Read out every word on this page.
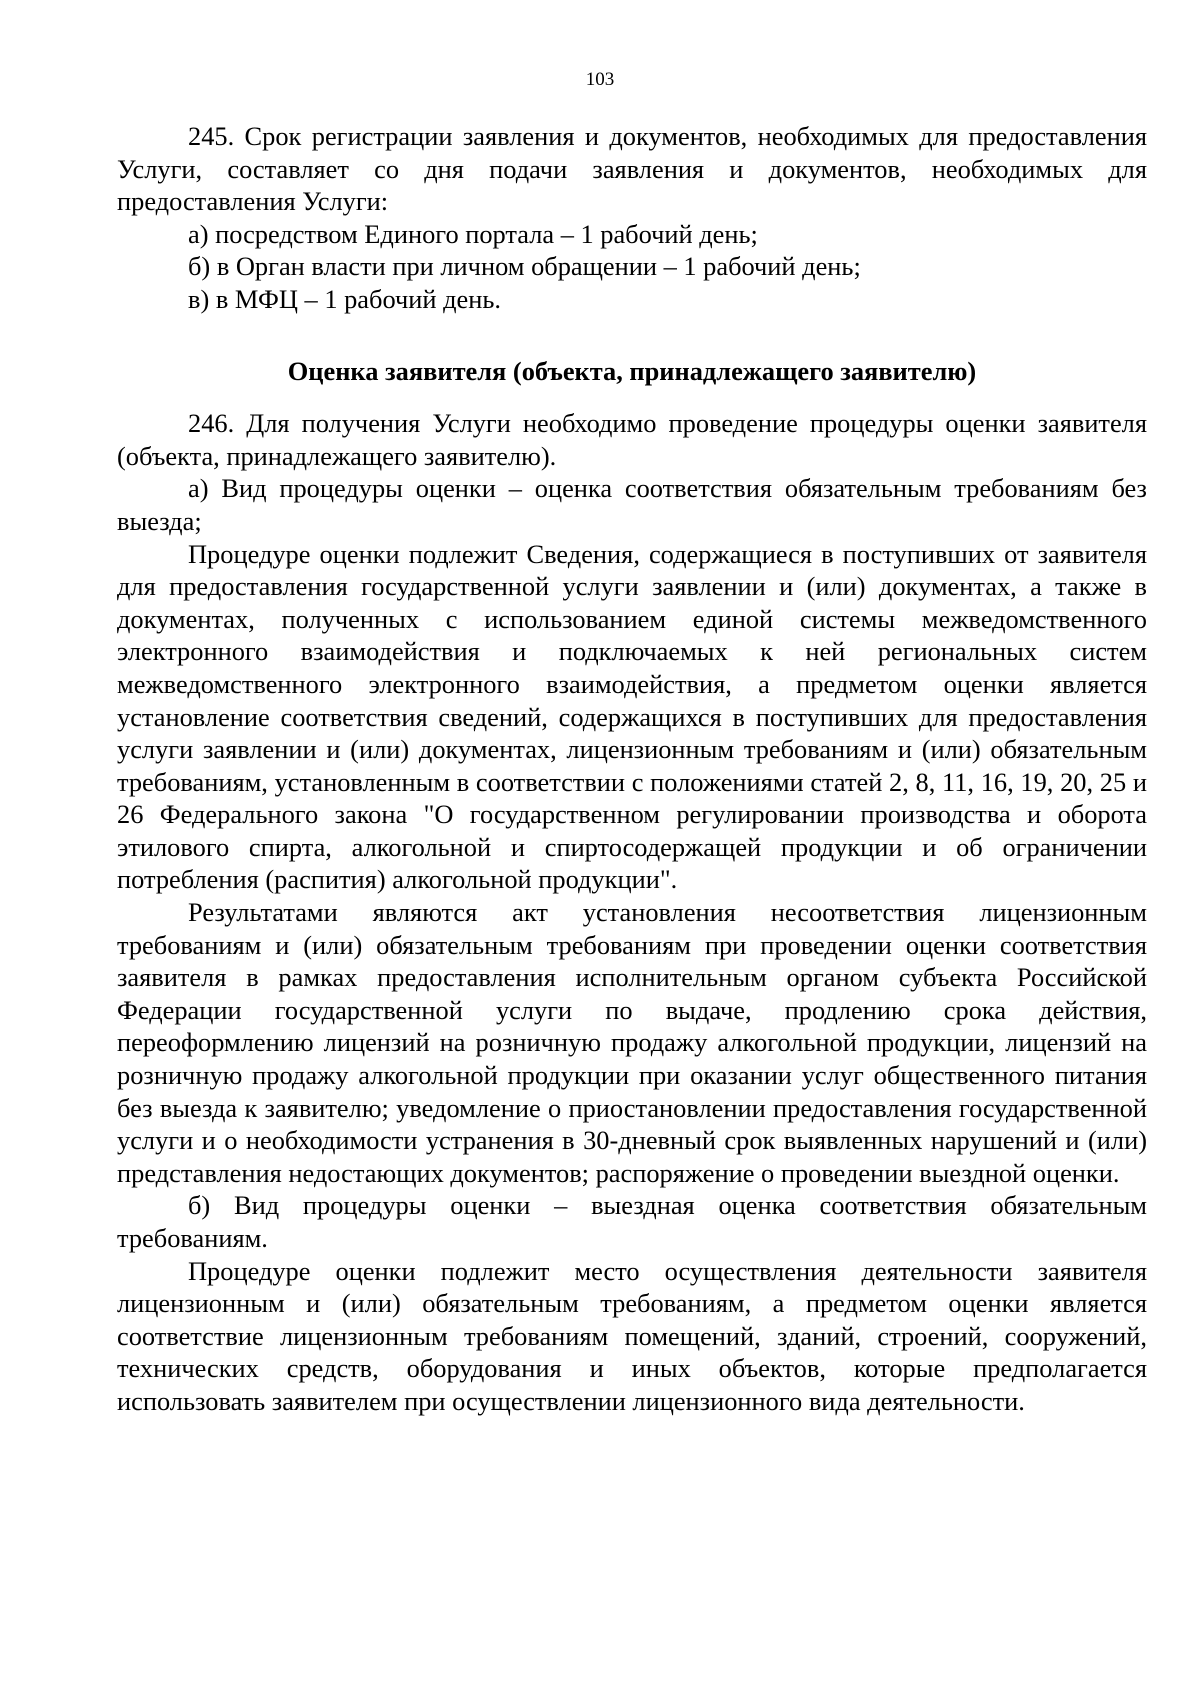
103

245. Срок регистрации заявления и документов, необходимых для предоставления Услуги, составляет со дня подачи заявления и документов, необходимых для предоставления Услуги:

а) посредством Единого портала – 1 рабочий день;

б) в Орган власти при личном обращении – 1 рабочий день;

в) в МФЦ – 1 рабочий день.

Оценка заявителя (объекта, принадлежащего заявителю)

246. Для получения Услуги необходимо проведение процедуры оценки заявителя (объекта, принадлежащего заявителю).

а) Вид процедуры оценки – оценка соответствия обязательным требованиям без выезда;

Процедуре оценки подлежит Сведения, содержащиеся в поступивших от заявителя для предоставления государственной услуги заявлении и (или) документах, а также в документах, полученных с использованием единой системы межведомственного электронного взаимодействия и подключаемых к ней региональных систем межведомственного электронного взаимодействия, а предметом оценки является установление соответствия сведений, содержащихся в поступивших для предоставления услуги заявлении и (или) документах, лицензионным требованиям и (или) обязательным требованиям, установленным в соответствии с положениями статей 2, 8, 11, 16, 19, 20, 25 и 26 Федерального закона "О государственном регулировании производства и оборота этилового спирта, алкогольной и спиртосодержащей продукции и об ограничении потребления (распития) алкогольной продукции".

Результатами являются акт установления несоответствия лицензионным требованиям и (или) обязательным требованиям при проведении оценки соответствия заявителя в рамках предоставления исполнительным органом субъекта Российской Федерации государственной услуги по выдаче, продлению срока действия, переоформлению лицензий на розничную продажу алкогольной продукции, лицензий на розничную продажу алкогольной продукции при оказании услуг общественного питания без выезда к заявителю; уведомление о приостановлении предоставления государственной услуги и о необходимости устранения в 30-дневный срок выявленных нарушений и (или) представления недостающих документов; распоряжение о проведении выездной оценки.

б) Вид процедуры оценки – выездная оценка соответствия обязательным требованиям.

Процедуре оценки подлежит место осуществления деятельности заявителя лицензионным и (или) обязательным требованиям, а предметом оценки является соответствие лицензионным требованиям помещений, зданий, строений, сооружений, технических средств, оборудования и иных объектов, которые предполагается использовать заявителем при осуществлении лицензионного вида деятельности.
